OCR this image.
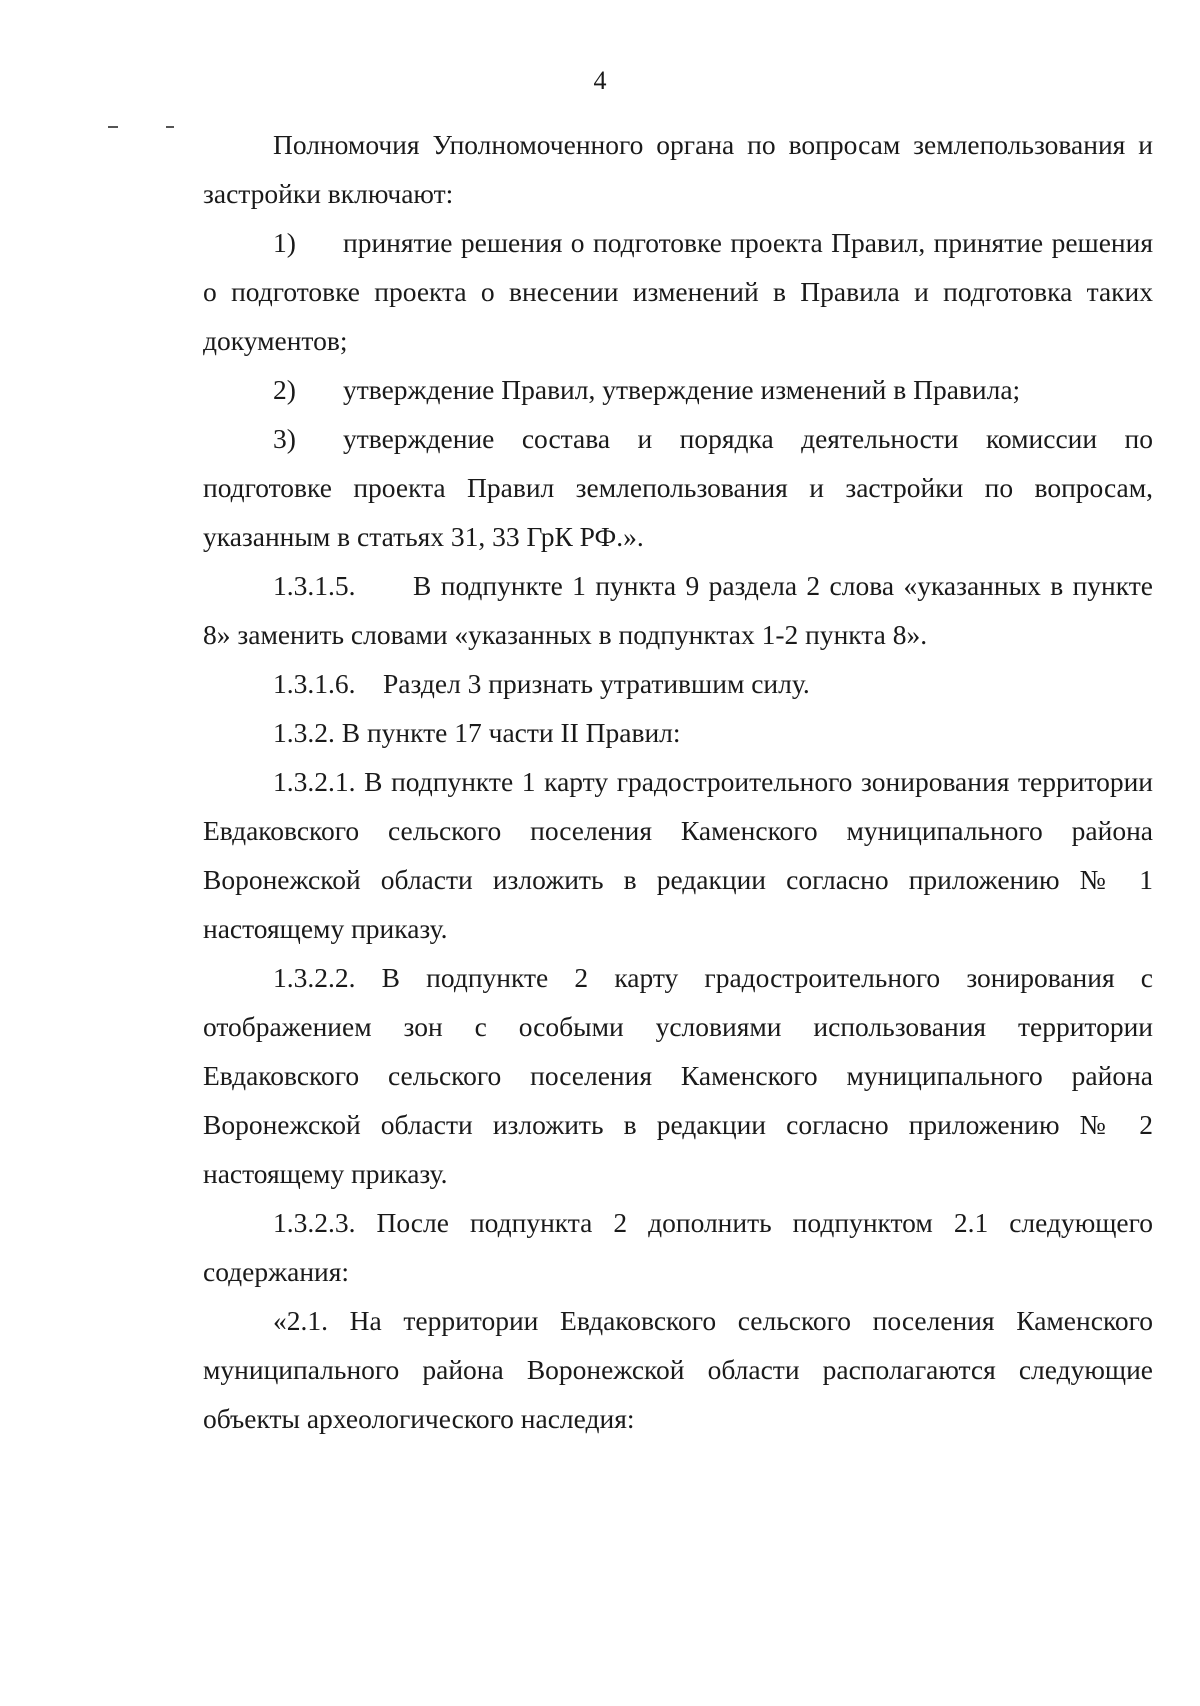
4

Полномочия Уполномоченного органа по вопросам землепользования и застройки включают:

1) принятие решения о подготовке проекта Правил, принятие решения о подготовке проекта о внесении изменений в Правила и подготовка таких документов;

2) утверждение Правил, утверждение изменений в Правила;

3) утверждение состава и порядка деятельности комиссии по подготовке проекта Правил землепользования и застройки по вопросам, указанным в статьях 31, 33 ГрК РФ.».

1.3.1.5. В подпункте 1 пункта 9 раздела 2 слова «указанных в пункте 8» заменить словами «указанных в подпунктах 1-2 пункта 8».

1.3.1.6. Раздел 3 признать утратившим силу.

1.3.2. В пункте 17 части II Правил:

1.3.2.1. В подпункте 1 карту градостроительного зонирования территории Евдаковского сельского поселения Каменского муниципального района Воронежской области изложить в редакции согласно приложению № 1 настоящему приказу.

1.3.2.2. В подпункте 2 карту градостроительного зонирования с отображением зон с особыми условиями использования территории Евдаковского сельского поселения Каменского муниципального района Воронежской области изложить в редакции согласно приложению № 2 настоящему приказу.

1.3.2.3. После подпункта 2 дополнить подпунктом 2.1 следующего содержания:

«2.1. На территории Евдаковского сельского поселения Каменского муниципального района Воронежской области располагаются следующие объекты археологического наследия:
